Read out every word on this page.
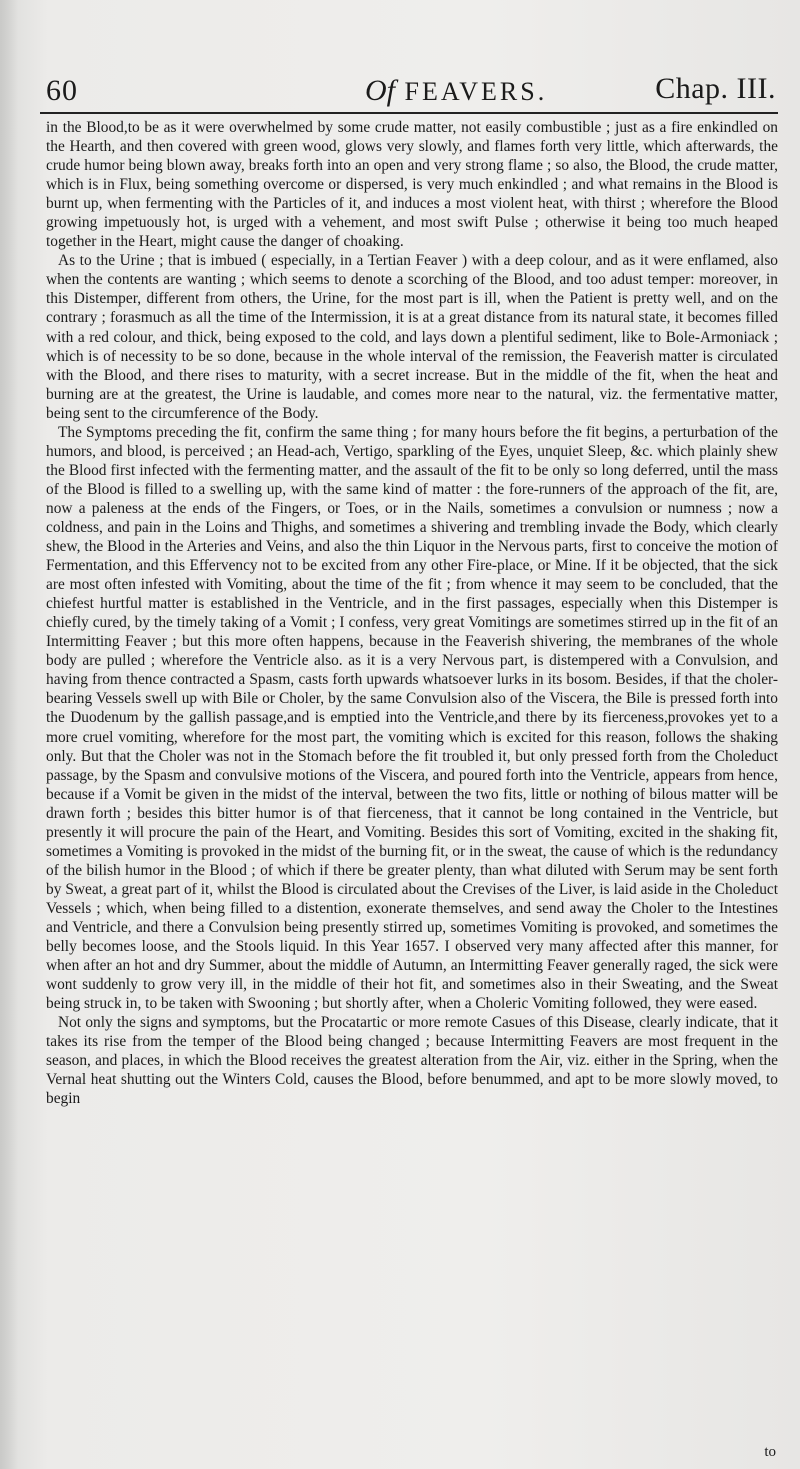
60	Of FEAVERS.	Chap. III.

in the Blood,to be as it were overwhelmed by some crude matter, not easily combustible ; just as a fire enkindled on the Hearth, and then covered with green wood, glows very slowly, and flames forth very little, which afterwards, the crude humor being blown away, breaks forth into an open and very strong flame ; so also, the Blood, the crude matter, which is in Flux, being something overcome or dispersed, is very much enkindled ; and what remains in the Blood is burnt up, when fermenting with the Particles of it, and induces a most violent heat, with thirst ; wherefore the Blood growing impetuously hot, is urged with a vehement, and most swift Pulse ; otherwise it being too much heaped together in the Heart, might cause the danger of choaking.

As to the Urine ; that is imbued ( especially, in a Tertian Feaver ) with a deep colour, and as it were enflamed, also when the contents are wanting ; which seems to denote a scorching of the Blood, and too adust temper: moreover, in this Distemper, different from others, the Urine, for the most part is ill, when the Patient is pretty well, and on the contrary ; forasmuch as all the time of the Intermission, it is at a great distance from its natural state, it becomes filled with a red colour, and thick, being exposed to the cold, and lays down a plentiful sediment, like to Bole-Armoniack ; which is of necessity to be so done, because in the whole interval of the remission, the Feaverish matter is circulated with the Blood, and there rises to maturity, with a secret increase. But in the middle of the fit, when the heat and burning are at the greatest, the Urine is laudable, and comes more near to the natural, viz. the fermentative matter, being sent to the circumference of the Body.

The Symptoms preceding the fit, confirm the same thing ; for many hours before the fit begins, a perturbation of the humors, and blood, is perceived ; an Head-ach, Vertigo, sparkling of the Eyes, unquiet Sleep, &c. which plainly shew the Blood first infected with the fermenting matter, and the assault of the fit to be only so long deferred, until the mass of the Blood is filled to a swelling up, with the same kind of matter : the fore-runners of the approach of the fit, are, now a paleness at the ends of the Fingers, or Toes, or in the Nails, sometimes a convulsion or numness ; now a coldness, and pain in the Loins and Thighs, and sometimes a shivering and trembling invade the Body, which clearly shew, the Blood in the Arteries and Veins, and also the thin Liquor in the Nervous parts, first to conceive the motion of Fermentation, and this Effervency not to be excited from any other Fire-place, or Mine. If it be objected, that the sick are most often infested with Vomiting, about the time of the fit ; from whence it may seem to be concluded, that the chiefest hurtful matter is established in the Ventricle, and in the first passages, especially when this Distemper is chiefly cured, by the timely taking of a Vomit ; I confess, very great Vomitings are sometimes stirred up in the fit of an Intermitting Feaver ; but this more often happens, because in the Feaverish shivering, the membranes of the whole body are pulled ; wherefore the Ventricle also. as it is a very Nervous part, is distempered with a Convulsion, and having from thence contracted a Spasm, casts forth upwards whatsoever lurks in its bosom. Besides, if that the choler-bearing Vessels swell up with Bile or Choler, by the same Convulsion also of the Viscera, the Bile is pressed forth into the Duodenum by the gallish passage,and is emptied into the Ventricle,and there by its fierceness,provokes yet to a more cruel vomiting, wherefore for the most part, the vomiting which is excited for this reason, follows the shaking only. But that the Choler was not in the Stomach before the fit troubled it, but only pressed forth from the Choleduct passage, by the Spasm and convulsive motions of the Viscera, and poured forth into the Ventricle, appears from hence, because if a Vomit be given in the midst of the interval, between the two fits, little or nothing of bilous matter will be drawn forth ; besides this bitter humor is of that fierceness, that it cannot be long contained in the Ventricle, but presently it will procure the pain of the Heart, and Vomiting. Besides this sort of Vomiting, excited in the shaking fit, sometimes a Vomiting is provoked in the midst of the burning fit, or in the sweat, the cause of which is the redundancy of the bilish humor in the Blood ; of which if there be greater plenty, than what diluted with Serum may be sent forth by Sweat, a great part of it, whilst the Blood is circulated about the Crevises of the Liver, is laid aside in the Choleduct Vessels ; which, when being filled to a distention, exonerate themselves, and send away the Choler to the Intestines and Ventricle, and there a Convulsion being presently stirred up, sometimes Vomiting is provoked, and sometimes the belly becomes loose, and the Stools liquid. In this Year 1657. I observed very many affected after this manner, for when after an hot and dry Summer, about the middle of Autumn, an Intermitting Feaver generally raged, the sick were wont suddenly to grow very ill, in the middle of their hot fit, and sometimes also in their Sweating, and the Sweat being struck in, to be taken with Swooning ; but shortly after, when a Choleric Vomiting followed, they were eased.

Not only the signs and symptoms, but the Procatartic or more remote Casues of this Disease, clearly indicate, that it takes its rise from the temper of the Blood being changed ; because Intermitting Feavers are most frequent in the season, and places, in which the Blood receives the greatest alteration from the Air, viz. either in the Spring, when the Vernal heat shutting out the Winters Cold, causes the Blood, before benummed, and apt to be more slowly moved, to begin

to
